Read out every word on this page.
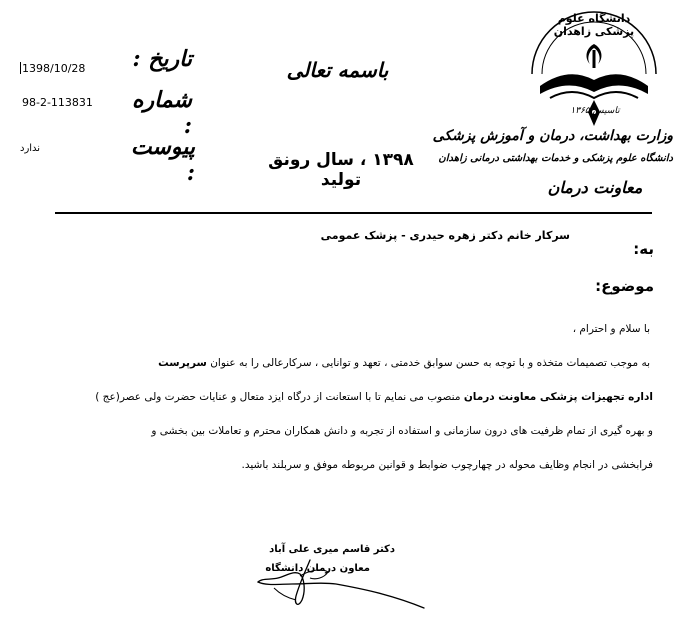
1398/10/28
98-2-113831
ندارد
تاریخ :
شماره :
پیوست :
باسمه تعالی
۱۳۹۸ ، سال رونق تولید
دانشگاه علوم پزشکی زاهدان
تاسیس ۱۳۶۵
وزارت بهداشت، درمان و آموزش پزشکی
دانشگاه علوم پزشکی و خدمات بهداشتی درمانی زاهدان
معاونت درمان
سرکار خانم دکتر زهره حیدری - پزشک عمومی
به:
موضوع:
با سلام و احترام ،
به موجب تصمیمات متخذه و با توجه به حسن سوابق خدمتی ، تعهد و توانایی ، سرکارعالی را به عنوان سرپرست
اداره تجهیزات پزشکی معاونت درمان منصوب می نمایم تا با استعانت از درگاه ایزد متعال و عنایات حضرت ولی عصر(عج )
و بهره گیری از تمام ظرفیت های درون سازمانی و استفاده از تجربه و دانش همکاران محترم و تعاملات بین بخشی و
فرابخشی در انجام وظایف محوله در چهارچوب ضوابط و قوانین مربوطه موفق و سربلند باشید.
دکتر قاسم میری علی آباد
معاون درمان دانشگاه
